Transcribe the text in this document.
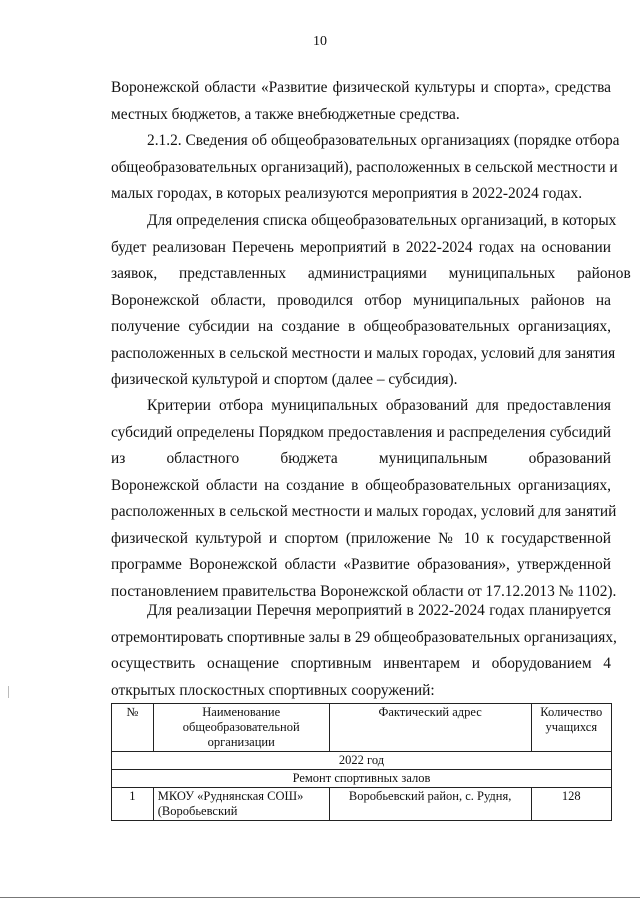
10
Воронежской области «Развитие физической культуры и спорта», средства
местных бюджетов, а также внебюджетные средства.
2.1.2. Сведения об общеобразовательных организациях (порядке отбора
общеобразовательных организаций), расположенных в сельской местности и
малых городах, в которых реализуются мероприятия в 2022-2024 годах.
Для определения списка общеобразовательных организаций, в которых
будет реализован Перечень мероприятий в 2022-2024 годах на основании
заявок, представленных администрациями муниципальных районов
Воронежской области, проводился отбор муниципальных районов на
получение субсидии на создание в общеобразовательных организациях,
расположенных в сельской местности и малых городах, условий для занятия
физической культурой и спортом (далее – субсидия).
Критерии отбора муниципальных образований для предоставления
субсидий определены Порядком предоставления и распределения субсидий
из областного бюджета муниципальным образований
Воронежской области на создание в общеобразовательных организациях,
расположенных в сельской местности и малых городах, условий для занятий
физической культурой и спортом (приложение № 10 к государственной
программе Воронежской области «Развитие образования», утвержденной
постановлением правительства Воронежской области от 17.12.2013 № 1102).
Для реализации Перечня мероприятий в 2022-2024 годах планируется
отремонтировать спортивные залы в 29 общеобразовательных организациях,
осуществить оснащение спортивным инвентарем и оборудованием 4
открытых плоскостных спортивных сооружений:
№	Наименование общеобразовательной организации	Фактический адрес	Количество учащихся
2022 год			
Ремонт спортивных залов			
1	МКОУ «Руднянская СОШ» (Воробьевский	Воробьевский район, с. Рудня,	128
